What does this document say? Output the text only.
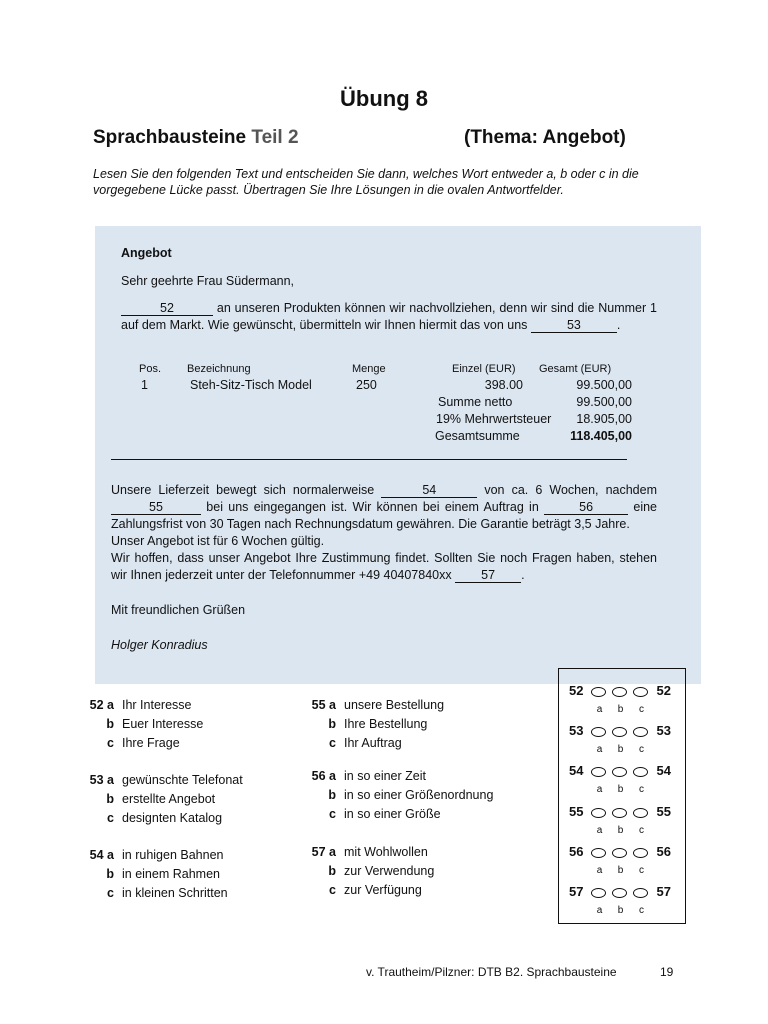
Übung 8
Sprachbausteine Teil 2	(Thema: Angebot)
Lesen Sie den folgenden Text und entscheiden Sie dann, welches Wort entweder a, b oder c in die vorgegebene Lücke passt. Übertragen Sie Ihre Lösungen in die ovalen Antwortfelder.
Angebot
Sehr geehrte Frau Südermann,
52	an unseren Produkten können wir nachvollziehen, denn wir sind die Nummer 1 auf dem Markt. Wie gewünscht, übermitteln wir Ihnen hiermit das von uns	53	.
Pos. Bezeichnung	Menge	Einzel (EUR) Gesamt (EUR)
1	Steh-Sitz-Tisch Model	250	398.00	99.500,00
Summe netto	99.500,00
19% Mehrwertsteuer	18.905,00
Gesamtsumme	118.405,00
Unsere Lieferzeit bewegt sich normalerweise	54	von ca. 6 Wochen, nachdem 55	bei uns eingegangen ist. Wir können bei einem Auftrag in	56	eine Zahlungsfrist von 30 Tagen nach Rechnungsdatum gewähren. Die Garantie beträgt 3,5 Jahre.
Unser Angebot ist für 6 Wochen gültig.
Wir hoffen, dass unser Angebot Ihre Zustimmung findet. Sollten Sie noch Fragen haben, stehen wir Ihnen jederzeit unter der Telefonnummer +49 40407840xx 57 .
Mit freundlichen Grüßen
Holger Konradius
52 a Ihr Interesse
b Euer Interesse
c Ihre Frage
53 a gewünschte Telefonat
b erstellte Angebot
c designten Katalog
54 a in ruhigen Bahnen
b in einem Rahmen
c in kleinen Schritten
55 a unsere Bestellung
b Ihre Bestellung
c Ihr Auftrag
56 a in so einer Zeit
b in so einer Größenordnung
c in so einer Größe
57 a mit Wohlwollen
b zur Verwendung
c zur Verfügung
52	52
a	b	c
53	53
a	b	c
54	54
a	b	c
55	55
a	b	c
56	56
a	b	c
57	57
a	b	c
v. Trautheim/Pilzner: DTB B2. Sprachbausteine	19
